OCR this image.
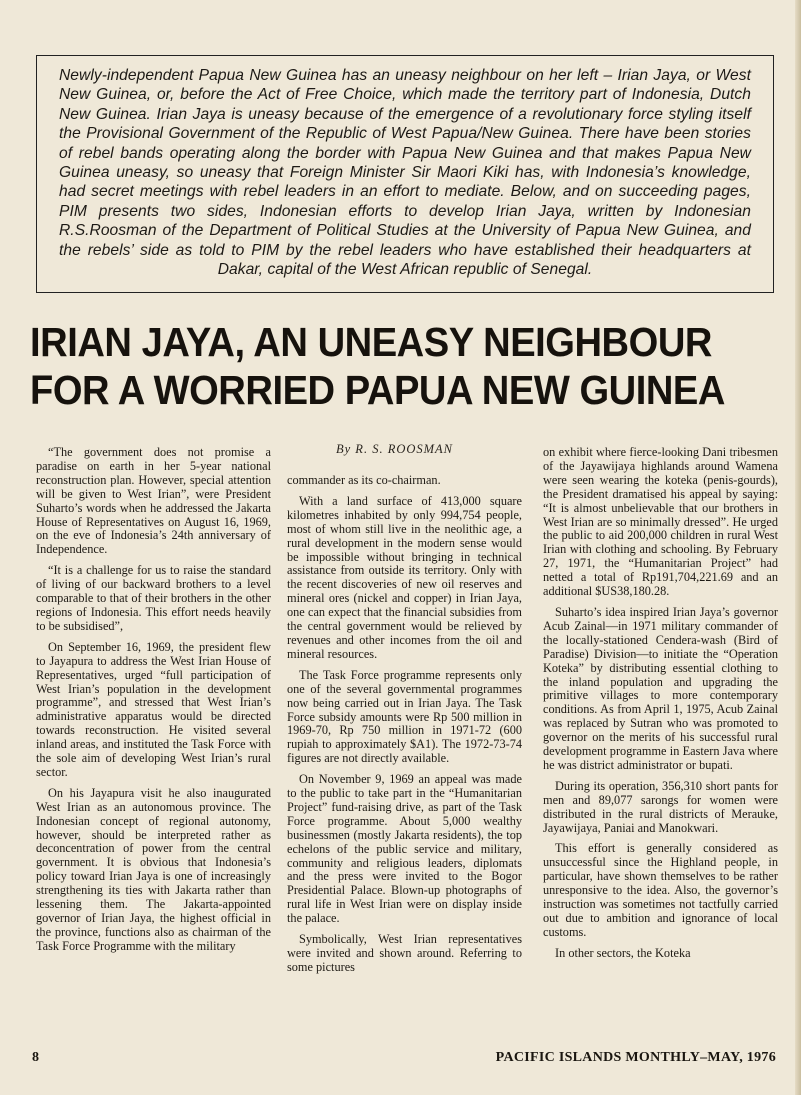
Newly-independent Papua New Guinea has an uneasy neighbour on her left – Irian Jaya, or West New Guinea, or, before the Act of Free Choice, which made the territory part of Indonesia, Dutch New Guinea. Irian Jaya is uneasy because of the emergence of a revolutionary force styling itself the Provisional Government of the Republic of West Papua/New Guinea. There have been stories of rebel bands operating along the border with Papua New Guinea and that makes Papua New Guinea uneasy, so uneasy that Foreign Minister Sir Maori Kiki has, with Indonesia’s knowledge, had secret meetings with rebel leaders in an effort to mediate. Below, and on succeeding pages, PIM presents two sides, Indonesian efforts to develop Irian Jaya, written by Indonesian R.S.Roosman of the Department of Political Studies at the University of Papua New Guinea, and the rebels’ side as told to PIM by the rebel leaders who have established their headquarters at Dakar, capital of the West African republic of Senegal.

IRIAN JAYA, AN UNEASY NEIGHBOUR
FOR A WORRIED PAPUA NEW GUINEA
By R. S. ROOSMAN

“The government does not promise a paradise on earth in her 5-year national reconstruction plan. However, special attention will be given to West Irian”, were President Suharto’s words when he addressed the Jakarta House of Representatives on August 16, 1969, on the eve of Indonesia’s 24th anniversary of Independence.

“It is a challenge for us to raise the standard of living of our backward brothers to a level comparable to that of their brothers in the other regions of Indonesia. This effort needs heavily to be subsidised”,

On September 16, 1969, the president flew to Jayapura to address the West Irian House of Representatives, urged “full participation of West Irian’s population in the development programme”, and stressed that West Irian’s administrative apparatus would be directed towards reconstruction. He visited several inland areas, and instituted the Task Force with the sole aim of developing West Irian’s rural sector.

On his Jayapura visit he also inaugurated West Irian as an autonomous province. The Indonesian concept of regional autonomy, however, should be interpreted rather as deconcentration of power from the central government. It is obvious that Indonesia’s policy toward Irian Jaya is one of increasingly strengthening its ties with Jakarta rather than lessening them. The Jakarta-appointed governor of Irian Jaya, the highest official in the province, functions also as chairman of the Task Force Programme with the military

commander as its co-chairman.

With a land surface of 413,000 square kilometres inhabited by only 994,754 people, most of whom still live in the neolithic age, a rural development in the modern sense would be impossible without bringing in technical assistance from outside its territory. Only with the recent discoveries of new oil reserves and mineral ores (nickel and copper) in Irian Jaya, one can expect that the financial subsidies from the central government would be relieved by revenues and other incomes from the oil and mineral resources.

The Task Force programme represents only one of the several governmental programmes now being carried out in Irian Jaya. The Task Force subsidy amounts were Rp 500 million in 1969-70, Rp 750 million in 1971-72 (600 rupiah to approximately $A1). The 1972-73-74 figures are not directly available.

On November 9, 1969 an appeal was made to the public to take part in the “Humanitarian Project” fund-raising drive, as part of the Task Force programme. About 5,000 wealthy businessmen (mostly Jakarta residents), the top echelons of the public service and military, community and religious leaders, diplomats and the press were invited to the Bogor Presidential Palace. Blown-up photographs of rural life in West Irian were on display inside the palace.

Symbolically, West Irian representatives were invited and shown around. Referring to some pictures

on exhibit where fierce-looking Dani tribesmen of the Jayawijaya highlands around Wamena were seen wearing the koteka (penis-gourds), the President dramatised his appeal by saying: “It is almost unbelievable that our brothers in West Irian are so minimally dressed”. He urged the public to aid 200,000 children in rural West Irian with clothing and schooling. By February 27, 1971, the “Humanitarian Project” had netted a total of Rp191,704,221.69 and an additional $US38,180.28.

Suharto’s idea inspired Irian Jaya’s governor Acub Zainal—in 1971 military commander of the locally-stationed Cendera-wash (Bird of Paradise) Division—to initiate the “Operation Koteka” by distributing essential clothing to the inland population and upgrading the primitive villages to more contemporary conditions. As from April 1, 1975, Acub Zainal was replaced by Sutran who was promoted to governor on the merits of his successful rural development programme in Eastern Java where he was district administrator or bupati.

During its operation, 356,310 short pants for men and 89,077 sarongs for women were distributed in the rural districts of Merauke, Jayawijaya, Paniai and Manokwari.

This effort is generally considered as unsuccessful since the Highland people, in particular, have shown themselves to be rather unresponsive to the idea. Also, the governor’s instruction was sometimes not tactfully carried out due to ambition and ignorance of local customs.

In other sectors, the Koteka

8	PACIFIC ISLANDS MONTHLY–MAY, 1976
